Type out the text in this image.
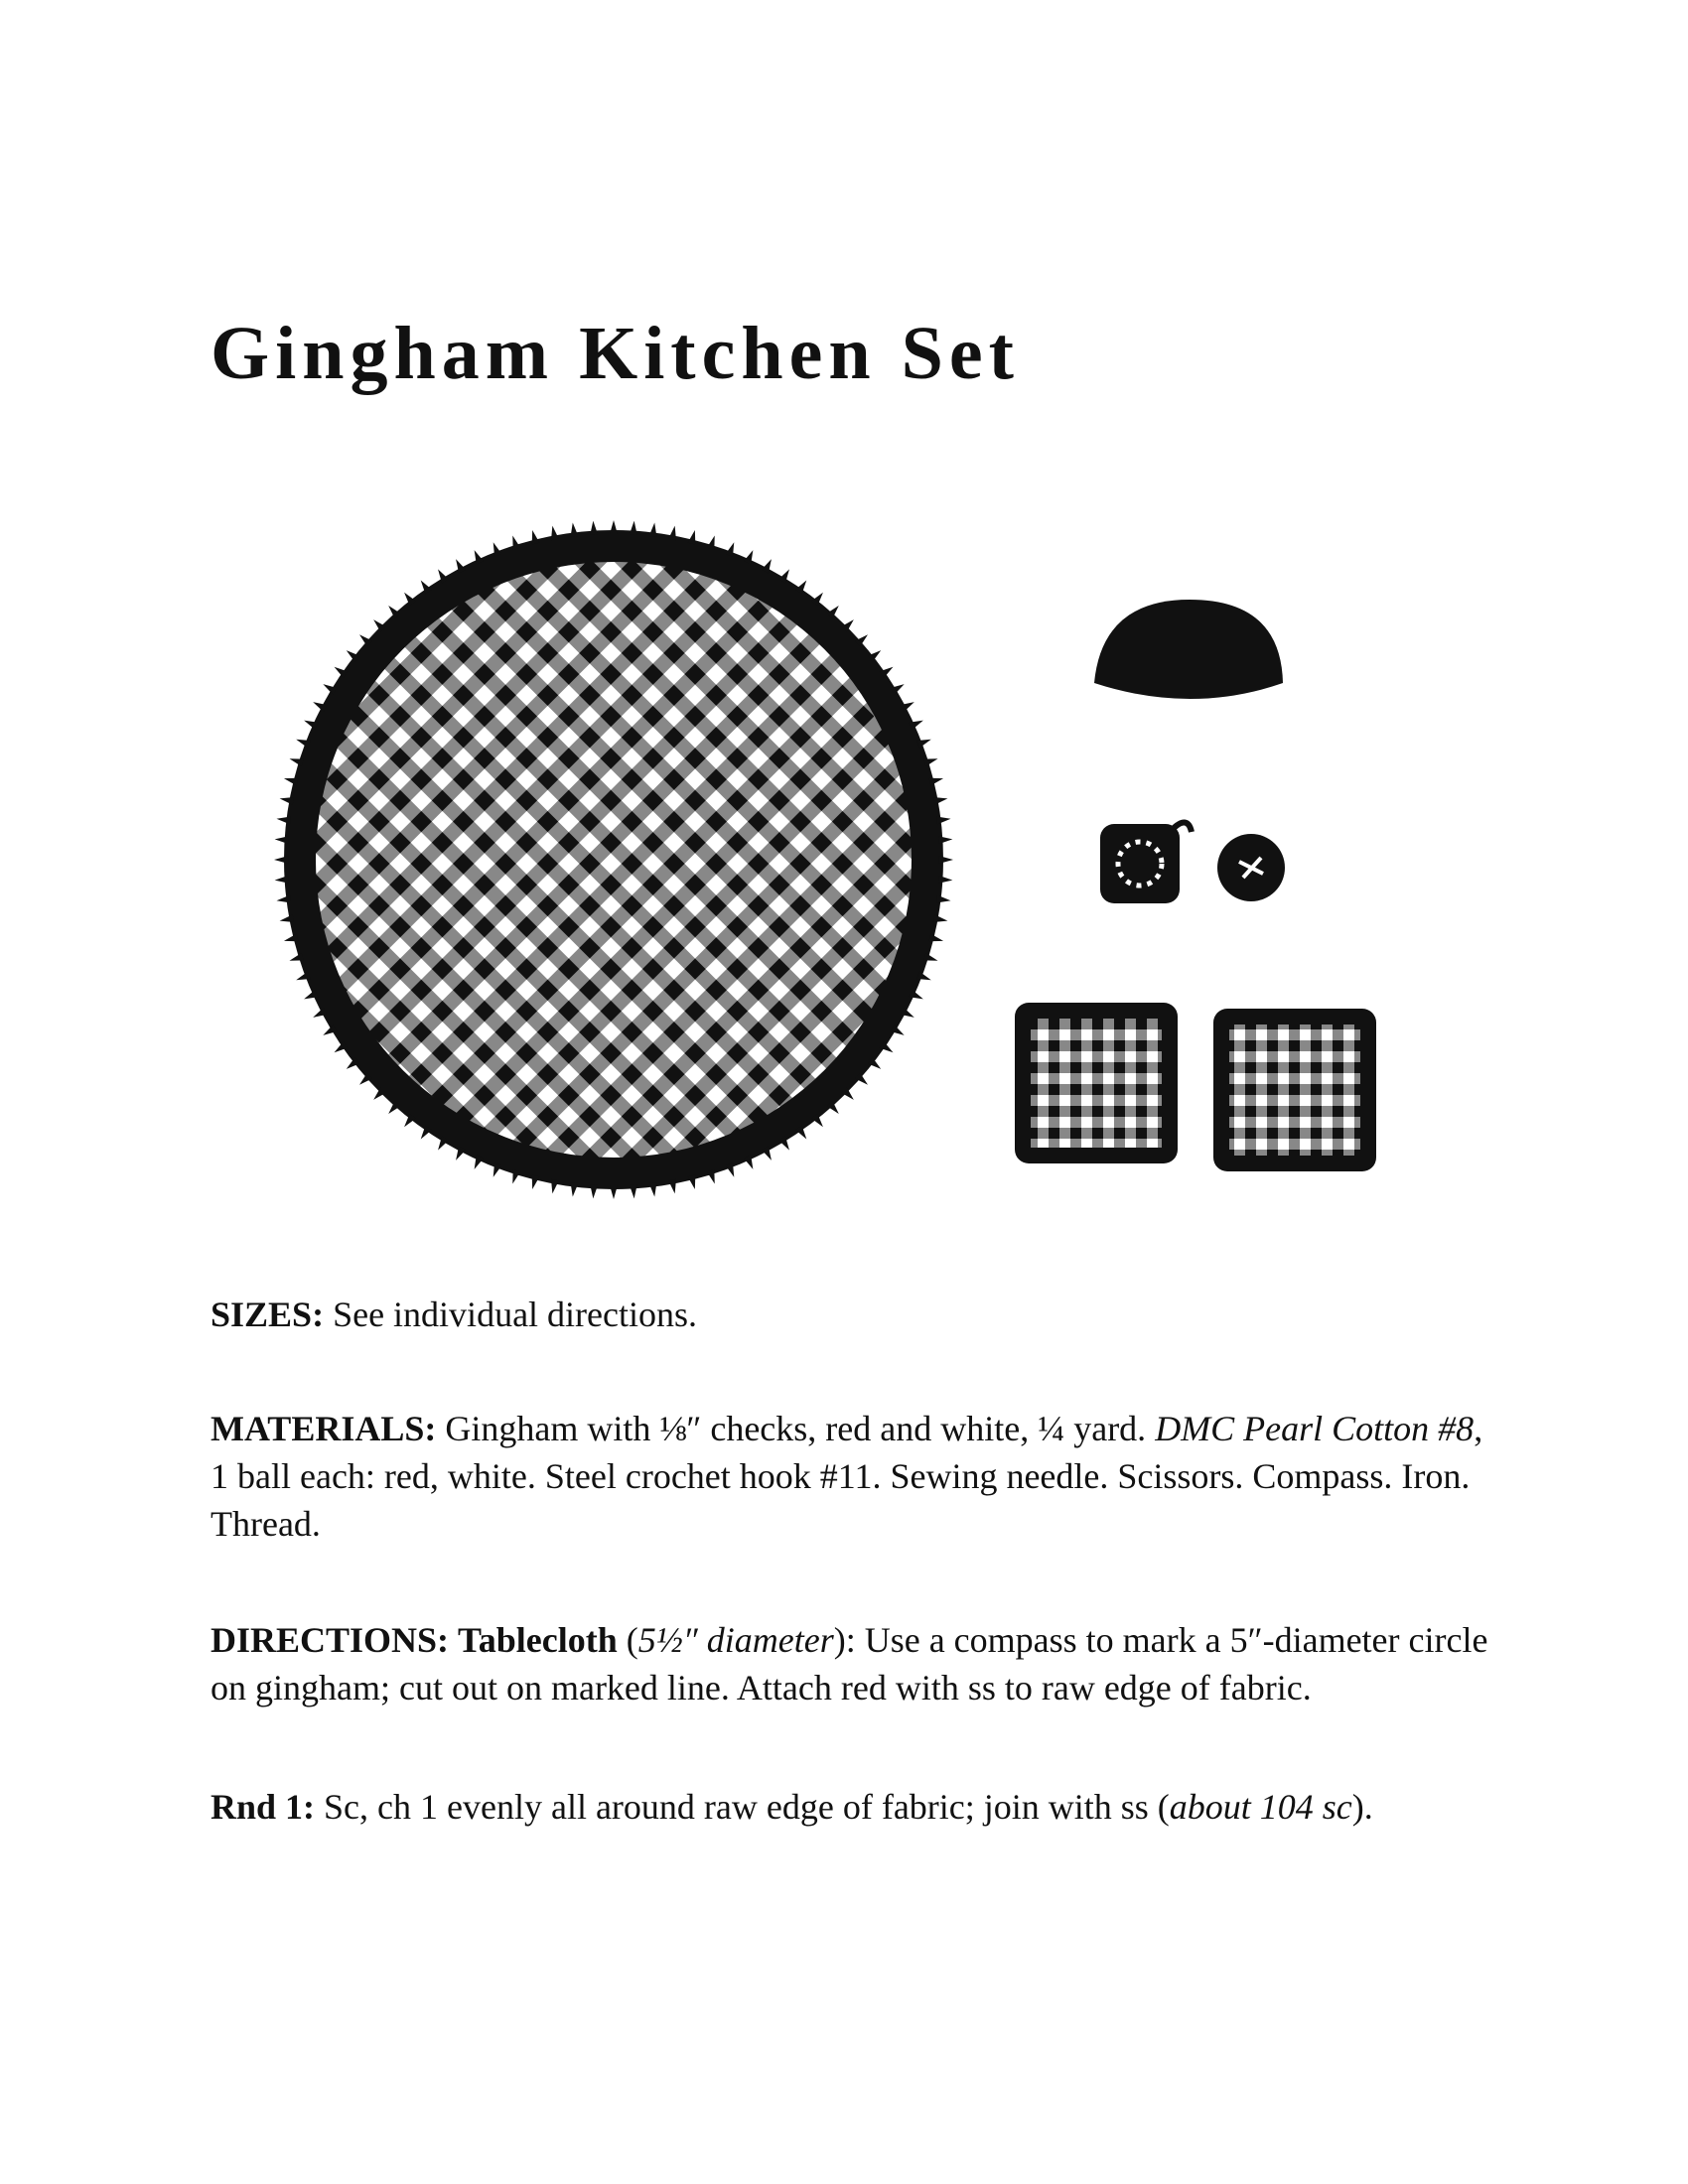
Gingham Kitchen Set

SIZES: See individual directions.

MATERIALS: Gingham with ⅛″ checks, red and white, ¼ yard. DMC Pearl Cotton #8, 1 ball each: red, white. Steel crochet hook #11. Sewing needle. Scissors. Compass. Iron. Thread.

DIRECTIONS: Tablecloth (5½″ diameter): Use a compass to mark a 5″-diameter circle on gingham; cut out on marked line. Attach red with ss to raw edge of fabric.

Rnd 1: Sc, ch 1 evenly all around raw edge of fabric; join with ss (about 104 sc).
